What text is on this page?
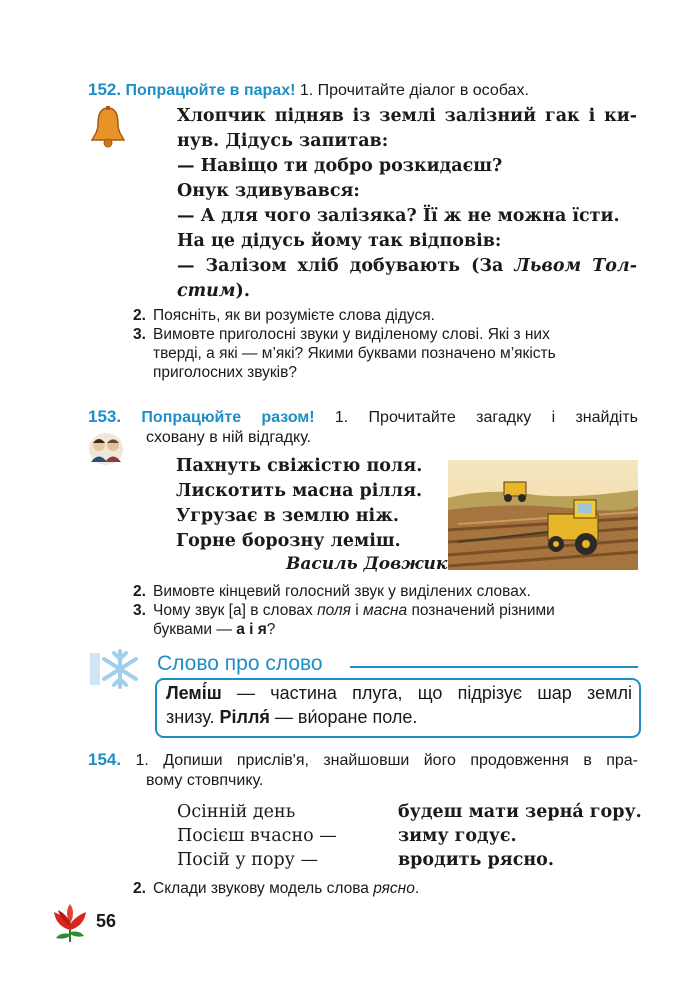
152. Попрацюйте в парах! 1. Прочитайте діалог в особах.
Хлопчик підняв із землі залізний гак і ки-
нув. Дідусь запитав:
— Навіщо ти добро розкидаєш?
Онук здивувався:
— А для чого залізяка? Її ж не можна їсти.
На це дідусь йому так відповів:
— Залізом хліб добувають (За Львом Тол-
стим).
2. Поясніть, як ви розумієте слова дідуся.
3. Вимовте приголосні звуки у виділеному слові. Які з них
тверді, а які — м’які? Якими буквами позначено м’якість
приголосних звуків?
153. Попрацюйте разом! 1. Прочитайте загадку і знайдіть
сховану в ній відгадку.
Пахнуть свіжістю поля.
Лискотить масна рілля.
Угрузає в землю ніж.
Горне борозну леміш.
Василь Довжик
2. Вимовте кінцевий голосний звук у виділених словах.
3. Чому звук [а] в словах поля і масна позначений різними
буквами — а і я?
Слово про слово
Лемі́ш — частина плуга, що підрізує шар землі
знизу. Рілля́ — ви́оране поле.
154. 1. Допиши прислів'я, знайшовши його продовження в пра-
вому стовпчику.
Осінній день
Посієш вчасно —
Посій у пору —
будеш мати зерна́ гору.
зиму годує.
вродить рясно.
2. Склади звукову модель слова рясно.
56
